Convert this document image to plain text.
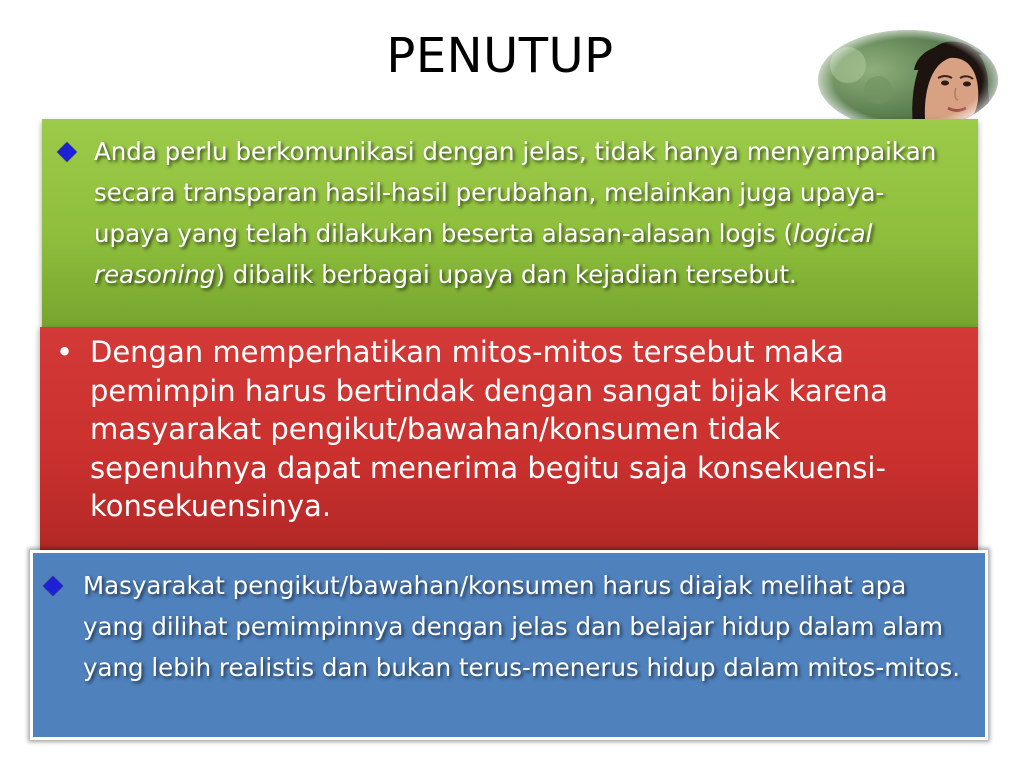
PENUTUP

Anda perlu berkomunikasi dengan jelas, tidak hanya menyampaikan secara transparan hasil-hasil perubahan, melainkan juga upaya-upaya yang telah dilakukan beserta alasan-alasan logis (logical reasoning) dibalik berbagai upaya dan kejadian tersebut.

• Dengan memperhatikan mitos-mitos tersebut maka pemimpin harus bertindak dengan sangat bijak karena masyarakat pengikut/bawahan/konsumen tidak sepenuhnya dapat menerima begitu saja konsekuensi-konsekuensinya.

Masyarakat pengikut/bawahan/konsumen harus diajak melihat apa yang dilihat pemimpinnya dengan jelas dan belajar hidup dalam alam yang lebih realistis dan bukan terus-menerus hidup dalam mitos-mitos.
